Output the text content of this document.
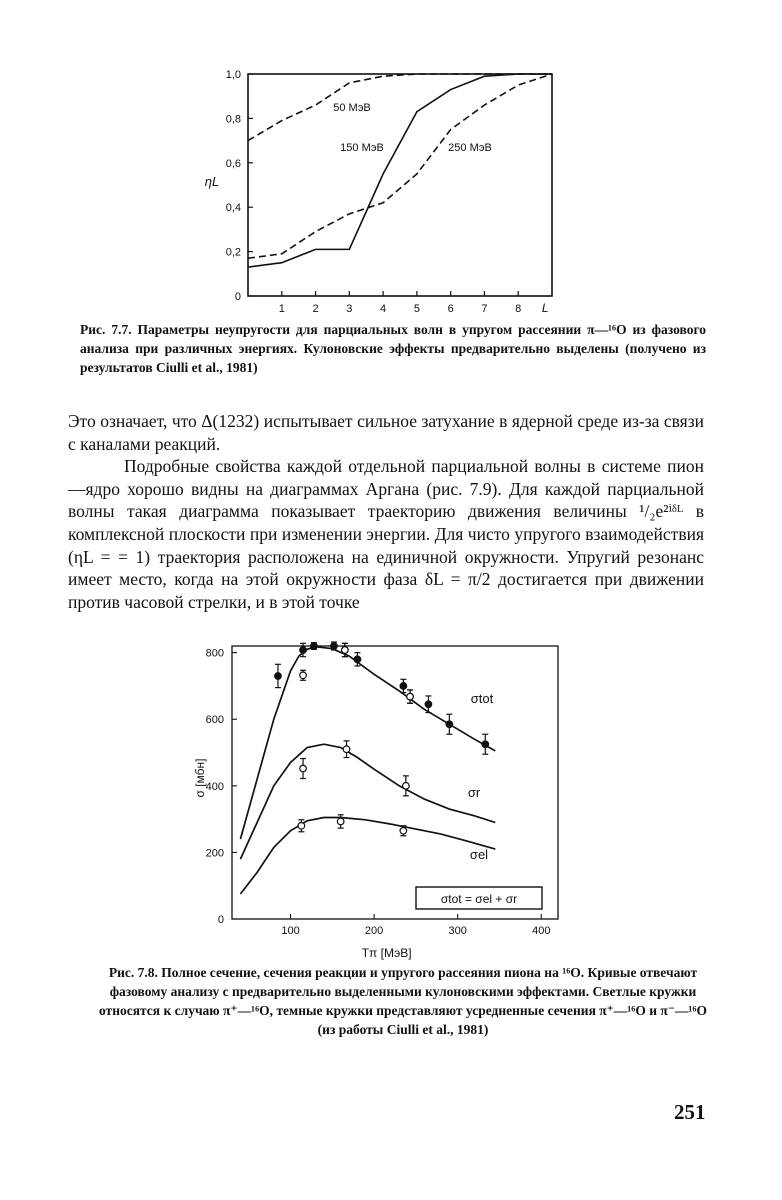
0
0,2
0,4
0,6
0,8
1,0
1	2	3	4	5	6	7	8 L
ηL
50 МэВ
150 МэВ	250 МэВ
Рис. 7.7. Параметры неупругости для парциальных волн в упругом рассеянии π—¹⁶O из фазового анализа при различных энергиях. Кулоновские эффекты предварительно выделены (получено из результатов Ciulli et al., 1981)

Это означает, что Δ(1232) испытывает сильное затухание в ядерной среде из-за связи с каналами реакций.

Подробные свойства каждой отдельной парциальной волны в системе пион—ядро хорошо видны на диаграммах Аргана (рис. 7.9). Для каждой парциальной волны такая диаграмма показывает траекторию движения величины ¹/₂e²ⁱᵟᴸ в комплексной плоскости при изменении энергии. Для чисто упругого взаимодействия (ηL = = 1) траектория расположена на единичной окружности. Упругий резонанс имеет место, когда на этой окружности фаза δL = π/2 достигается при движении против часовой стрелки, и в этой точке

0
200
400
600
800
100	200	300	400
Tπ [МэВ]
σ [мбн]
σtot
σr
σel
σtot = σel + σr
Рис. 7.8. Полное сечение, сечения реакции и упругого рассеяния пиона на ¹⁶O. Кривые отвечают фазовому анализу с предварительно выделенными кулоновскими эффектами. Светлые кружки относятся к случаю π⁺—¹⁶O, темные кружки представляют усредненные сечения π⁺—¹⁶O и π⁻—¹⁶O (из работы Ciulli et al., 1981)
251
